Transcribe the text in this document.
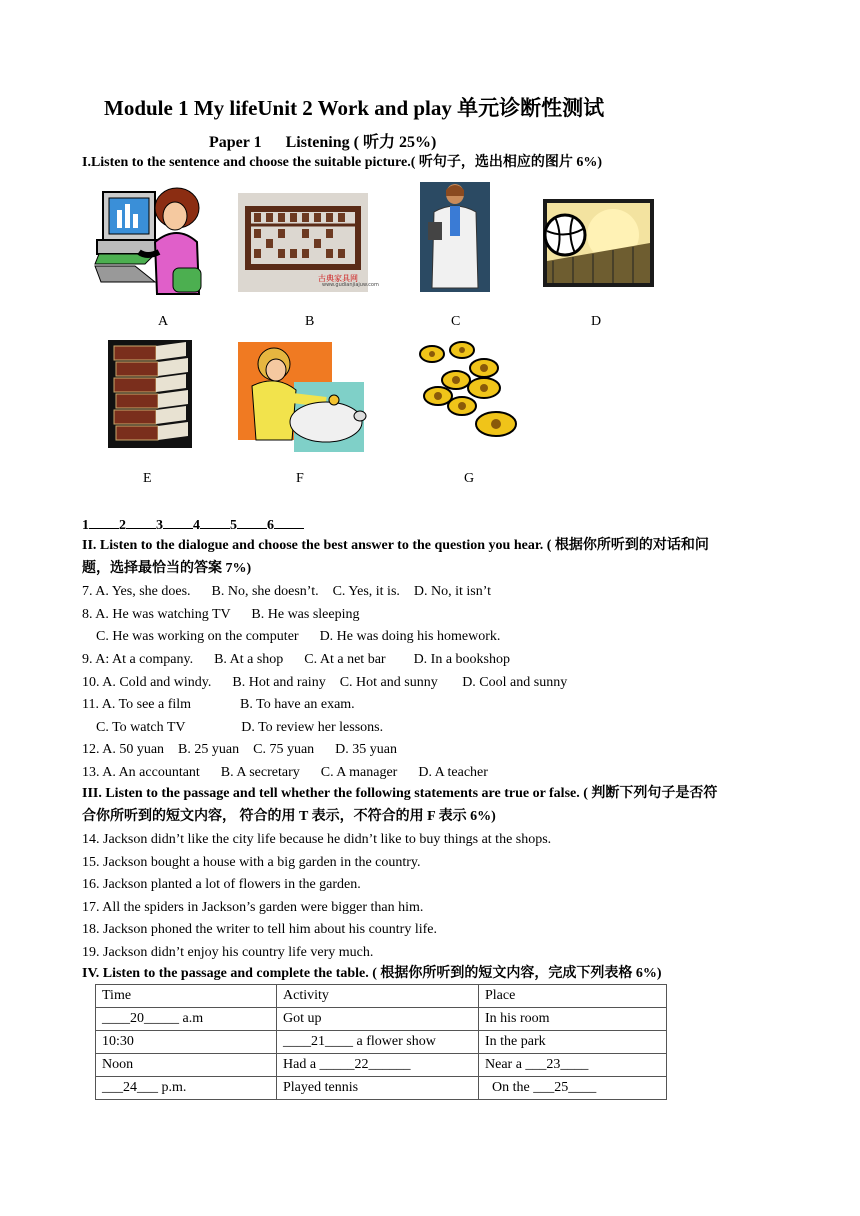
Module 1 My lifeUnit 2 Work and play 单元诊断性测试
Paper 1 Listening ( 听力 25%)
I.Listen to the sentence and choose the suitable picture.( 听句子，选出相应的图片 6%)
古典家具网
www.gudianjiajuw.com
A	B	C	D
E	F	G
1 2 3 4 5 6
II. Listen to the dialogue and choose the best answer to the question you hear. ( 根据你所听到的对话和问
题，选择最恰当的答案 7%)
7. A. Yes, she does.      B. No, she doesn’t.    C. Yes, it is.    D. No, it isn’t
8. A. He was watching TV      B. He was sleeping
C. He was working on the computer      D. He was doing his homework.
9. A: At a company.      B. At a shop      C. At a net bar        D. In a bookshop
10. A. Cold and windy.      B. Hot and rainy    C. Hot and sunny       D. Cool and sunny
11. A. To see a film              B. To have an exam.
C. To watch TV                D. To review her lessons.
12. A. 50 yuan    B. 25 yuan    C. 75 yuan      D. 35 yuan
13. A. An accountant      B. A secretary      C. A manager      D. A teacher
III. Listen to the passage and tell whether the following statements are true or false. ( 判断下列句子是否符
合你所听到的短文内容， 符合的用 T 表示，不符合的用 F 表示 6%)
14. Jackson didn’t like the city life because he didn’t like to buy things at the shops.
15. Jackson bought a house with a big garden in the country.
16. Jackson planted a lot of flowers in the garden.
17. All the spiders in Jackson’s garden were bigger than him.
18. Jackson phoned the writer to tell him about his country life.
19. Jackson didn’t enjoy his country life very much.
IV. Listen to the passage and complete the table. ( 根据你所听到的短文内容，完成下列表格 6%)
Time	Activity	Place
____20_____ a.m	Got up	In his room
10:30	____21____ a flower show	In the park
Noon	Had a _____22______	Near a ___23____
___24___ p.m.	Played tennis	On the ___25____
